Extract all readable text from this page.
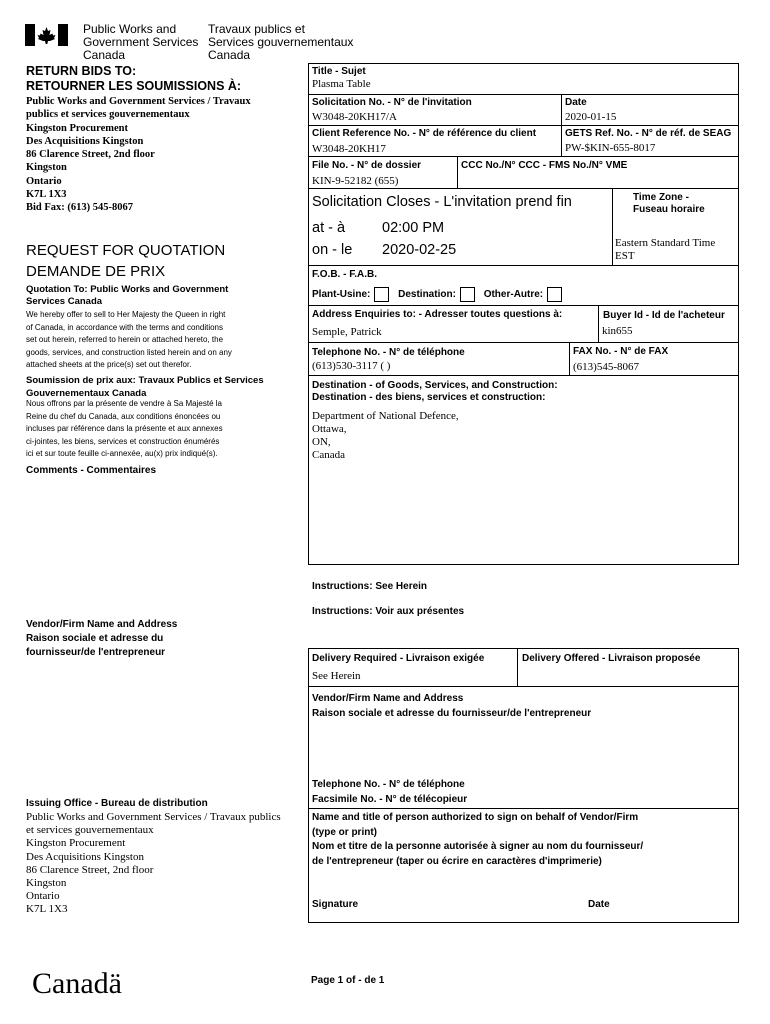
Public Works and
Government Services
Canada
Travaux publics et
Services gouvernementaux
Canada
RETURN BIDS TO:
RETOURNER LES SOUMISSIONS À:
Public Works and Government Services / Travaux
publics et services gouvernementaux
Kingston Procurement
Des Acquisitions Kingston
86 Clarence Street, 2nd floor
Kingston
Ontario
K7L 1X3
Bid Fax: (613) 545-8067
REQUEST FOR QUOTATION
DEMANDE DE PRIX
Quotation To: Public Works and Government
Services Canada
We hereby offer to sell to Her Majesty the Queen in right
of Canada, in accordance with the terms and conditions
set out herein, referred to herein or attached hereto, the
goods, services, and construction listed herein and on any
attached sheets at the price(s) set out therefor.
Soumission de prix aux: Travaux Publics et Services
Gouvernementaux Canada
Nous offrons par la présente de vendre à Sa Majesté la
Reine du chef du Canada, aux conditions énoncées ou
incluses par référence dans la présente et aux annexes
ci-jointes, les biens, services et construction énumérés
ici et sur toute feuille ci-annexée, au(x) prix indiqué(s).
Comments - Commentaires
Vendor/Firm Name and Address
Raison sociale et adresse du
fournisseur/de l'entrepreneur
Issuing Office - Bureau de distribution
Public Works and Government Services / Travaux publics
et services gouvernementaux
Kingston Procurement
Des Acquisitions Kingston
86 Clarence Street, 2nd floor
Kingston
Ontario
K7L 1X3
Title - Sujet
Plasma Table
Solicitation No. - N° de l'invitation
W3048-20KH17/A
Date
2020-01-15
Client Reference No. - N° de référence du client
W3048-20KH17
GETS Ref. No. - N° de réf. de SEAG
PW-$KIN-655-8017
File No. - N° de dossier
KIN-9-52182 (655)
CCC No./N° CCC - FMS No./N° VME
Solicitation Closes - L'invitation prend fin
at - à	02:00 PM
on - le 2020-02-25
Time Zone -
Fuseau horaire
Eastern Standard Time
EST
F.O.B. - F.A.B.
Plant-Usine:	Destination:	Other-Autre:
Address Enquiries to: - Adresser toutes questions à:
Semple, Patrick
Buyer Id - Id de l'acheteur
kin655
Telephone No. - N° de téléphone
(613)530-3117 ( )
FAX No. - N° de FAX
(613)545-8067
Destination - of Goods, Services, and Construction:
Destination - des biens, services et construction:
Department of National Defence,
Ottawa,
ON,
Canada
Instructions: See Herein
Instructions: Voir aux présentes
Delivery Required - Livraison exigée
See Herein
Delivery Offered - Livraison proposée
Vendor/Firm Name and Address
Raison sociale et adresse du fournisseur/de l'entrepreneur
Telephone No. - N° de téléphone
Facsimile No. - N° de télécopieur
Name and title of person authorized to sign on behalf of Vendor/Firm
(type or print)
Nom et titre de la personne autorisée à signer au nom du fournisseur/
de l'entrepreneur (taper ou écrire en caractères d'imprimerie)
Signature	Date
Canadä	Page 1 of - de 1
